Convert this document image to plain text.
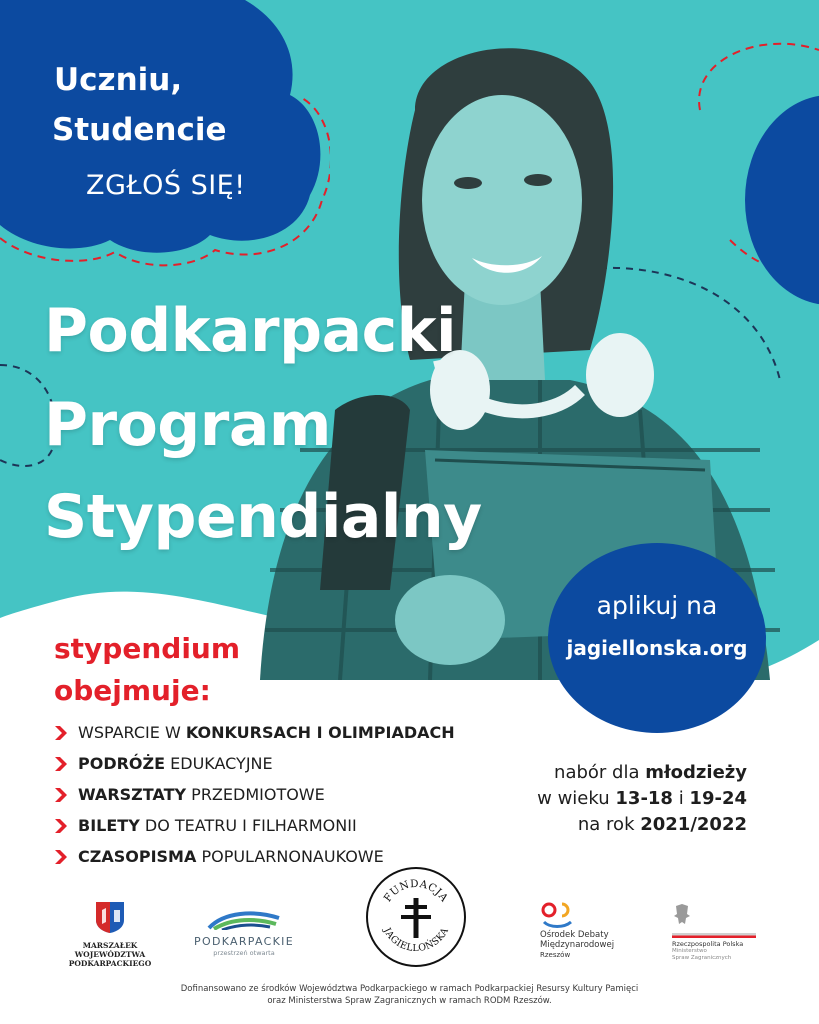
Uczniu,
Studencie
ZGŁOŚ SIĘ!
Podkarpacki
Program
Stypendialny
aplikuj na
jagiellonska.org
stypendium
obejmuje:
WSPARCIE W KONKURSACH I OLIMPIADACH
PODRÓŻE EDUKACYJNE
WARSZTATY PRZEDMIOTOWE
BILETY DO TEATRU I FILHARMONII
CZASOPISMA POPULARNONAUKOWE
nabór dla młodzieży
w wieku 13-18 i 19-24
na rok 2021/2022
MARSZAŁEK
WOJEWÓDZTWA
PODKARPACKIEGO
PODKARPACKIE
przestrzeń otwarta
FUNDACJA
JAGIELLOŃSKA	Ośrodek Debaty
Międzynarodowej
Rzeszów
Rzeczpospolita Polska
Ministerstwo
Spraw Zagranicznych
Dofinansowano ze środków Województwa Podkarpackiego w ramach Podkarpackiej Resursy Kultury Pamięci
oraz Ministerstwa Spraw Zagranicznych w ramach RODM Rzeszów.
